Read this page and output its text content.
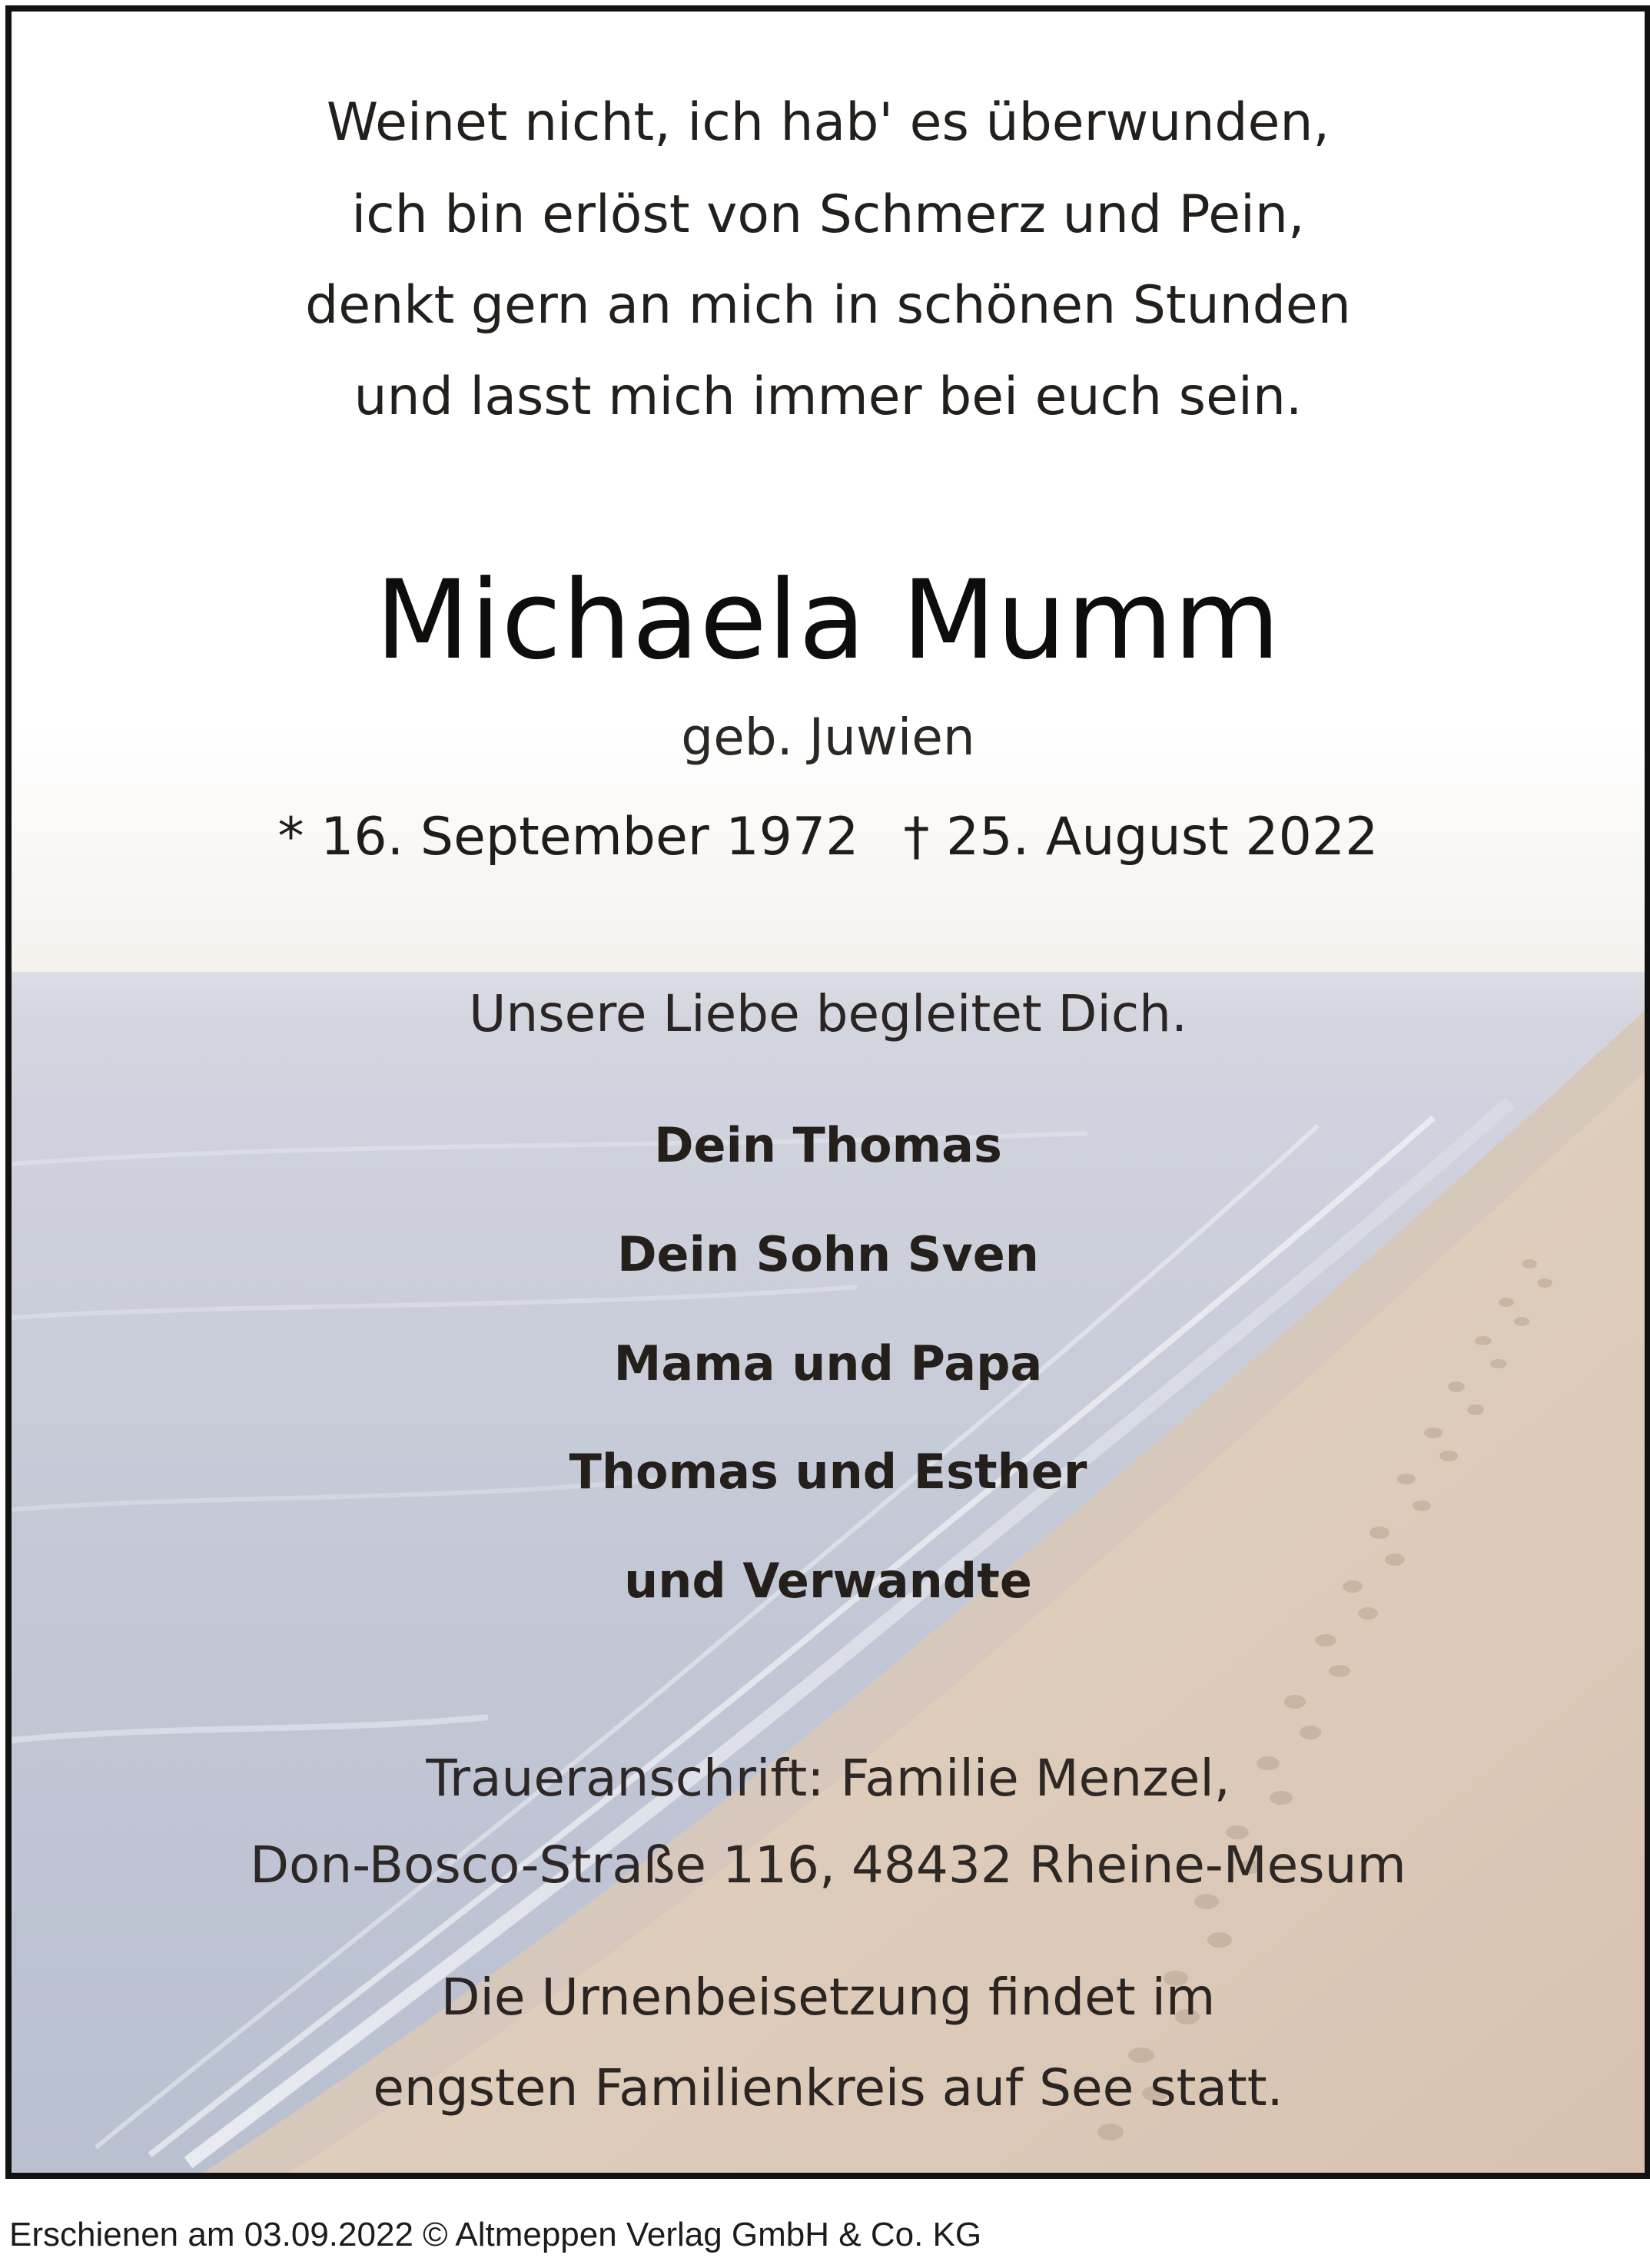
Weinet nicht, ich hab' es überwunden,
ich bin erlöst von Schmerz und Pein,
denkt gern an mich in schönen Stunden
und lasst mich immer bei euch sein.
Michaela Mumm
geb. Juwien
* 16. September 1972 † 25. August 2022
Unsere Liebe begleitet Dich.
Dein Thomas
Dein Sohn Sven
Mama und Papa
Thomas und Esther
und Verwandte
Traueranschrift: Familie Menzel,
Don-Bosco-Straße 116, 48432 Rheine-Mesum
Die Urnenbeisetzung findet im
engsten Familienkreis auf See statt.
Erschienen am 03.09.2022 © Altmeppen Verlag GmbH & Co. KG
